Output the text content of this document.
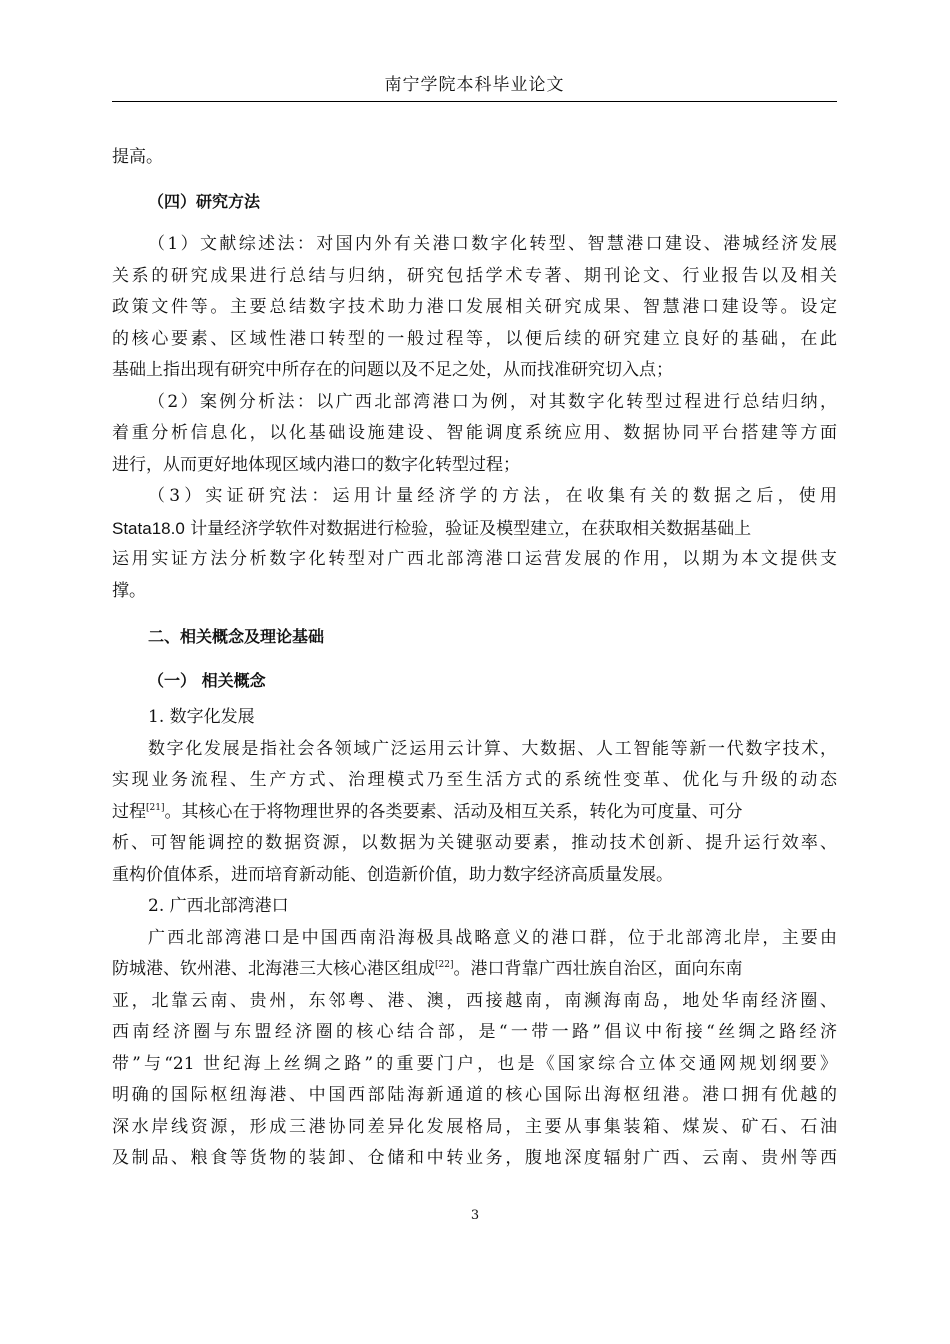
南宁学院本科毕业论文
提高。
（四）研究方法
（1）文献综述法：对国内外有关港口数字化转型、智慧港口建设、港城经济发展
关系的研究成果进行总结与归纳，研究包括学术专著、期刊论文、行业报告以及相关
政策文件等。主要总结数字技术助力港口发展相关研究成果、智慧港口建设等。设定
的核心要素、区域性港口转型的一般过程等，以便后续的研究建立良好的基础，在此
基础上指出现有研究中所存在的问题以及不足之处，从而找准研究切入点；
（2）案例分析法：以广西北部湾港口为例，对其数字化转型过程进行总结归纳，
着重分析信息化，以化基础设施建设、智能调度系统应用、数据协同平台搭建等方面
进行，从而更好地体现区域内港口的数字化转型过程；
（3）实证研究法：运用计量经济学的方法，在收集有关的数据之后，使用
Stata18.0 计量经济学软件对数据进行检验，验证及模型建立，在获取相关数据基础上
运用实证方法分析数字化转型对广西北部湾港口运营发展的作用，以期为本文提供支
撑。
二、相关概念及理论基础
（一） 相关概念
1. 数字化发展
数字化发展是指社会各领域广泛运用云计算、大数据、人工智能等新一代数字技术，
实现业务流程、生产方式、治理模式乃至生活方式的系统性变革、优化与升级的动态
过程[21]。其核心在于将物理世界的各类要素、活动及相互关系，转化为可度量、可分
析、可智能调控的数据资源，以数据为关键驱动要素，推动技术创新、提升运行效率、
重构价值体系，进而培育新动能、创造新价值，助力数字经济高质量发展。
2. 广西北部湾港口
广西北部湾港口是中国西南沿海极具战略意义的港口群，位于北部湾北岸，主要由
防城港、钦州港、北海港三大核心港区组成[22]。港口背靠广西壮族自治区，面向东南
亚，北靠云南、贵州，东邻粤、港、澳，西接越南，南濒海南岛，地处华南经济圈、
西南经济圈与东盟经济圈的核心结合部，是“一带一路”倡议中衔接“丝绸之路经济
带”与“21 世纪海上丝绸之路”的重要门户，也是《国家综合立体交通网规划纲要》
明确的国际枢纽海港、中国西部陆海新通道的核心国际出海枢纽港。港口拥有优越的
深水岸线资源，形成三港协同差异化发展格局，主要从事集装箱、煤炭、矿石、石油
及制品、粮食等货物的装卸、仓储和中转业务，腹地深度辐射广西、云南、贵州等西
3
